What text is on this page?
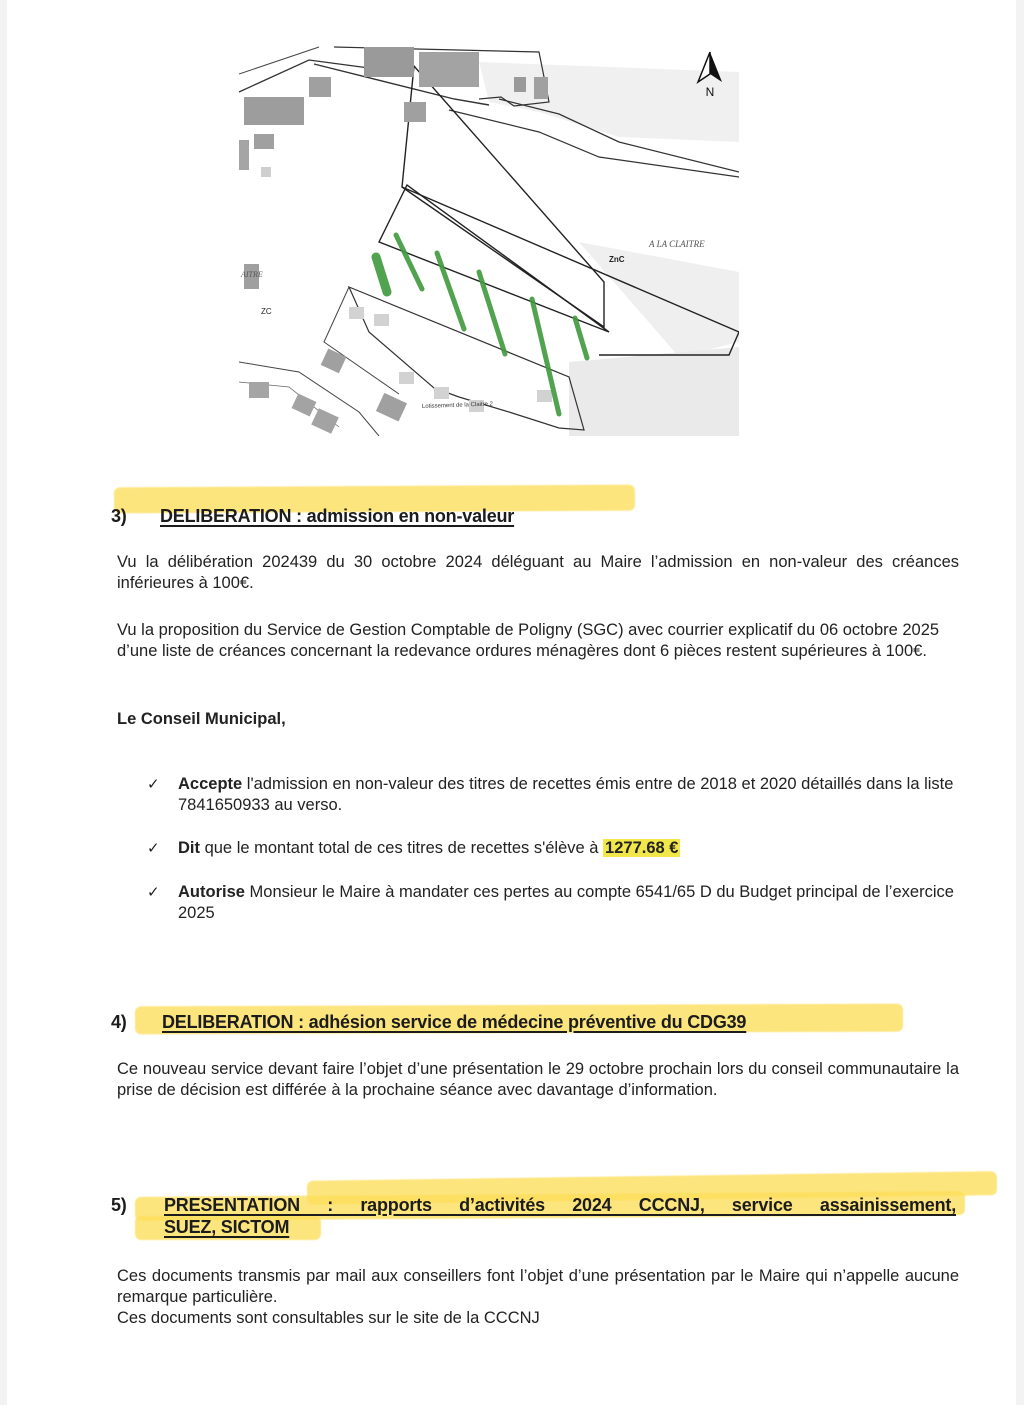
A LA CLAITRE
ZnC
ZC
AITRE
Lotissement de la Claitre 2
N
3) DELIBERATION : admission en non-valeur
Vu la délibération 202439 du 30 octobre 2024 déléguant au Maire l’admission en non-valeur des créances inférieures à 100€.
Vu la proposition du Service de Gestion Comptable de Poligny (SGC) avec courrier explicatif du 06 octobre 2025 d’une liste de créances concernant la redevance ordures ménagères dont 6 pièces restent supérieures à 100€.
Le Conseil Municipal,
✓	Accepte l'admission en non-valeur des titres de recettes émis entre de 2018 et 2020 détaillés dans la liste 7841650933 au verso.
✓	Dit que le montant total de ces titres de recettes s'élève à 1277.68 €
✓	Autorise Monsieur le Maire à mandater ces pertes au compte 6541/65 D du Budget principal de l’exercice 2025
4) DELIBERATION : adhésion service de médecine préventive du CDG39
Ce nouveau service devant faire l’objet d’une présentation le 29 octobre prochain lors du conseil communautaire la prise de décision est différée à la prochaine séance avec davantage d’information.
5) PRESENTATION : rapports d’activités 2024 CCCNJ, service assainissement,
SUEZ, SICTOM
Ces documents transmis par mail aux conseillers font l’objet d’une présentation par le Maire qui n’appelle aucune remarque particulière.
Ces documents sont consultables sur le site de la CCCNJ
